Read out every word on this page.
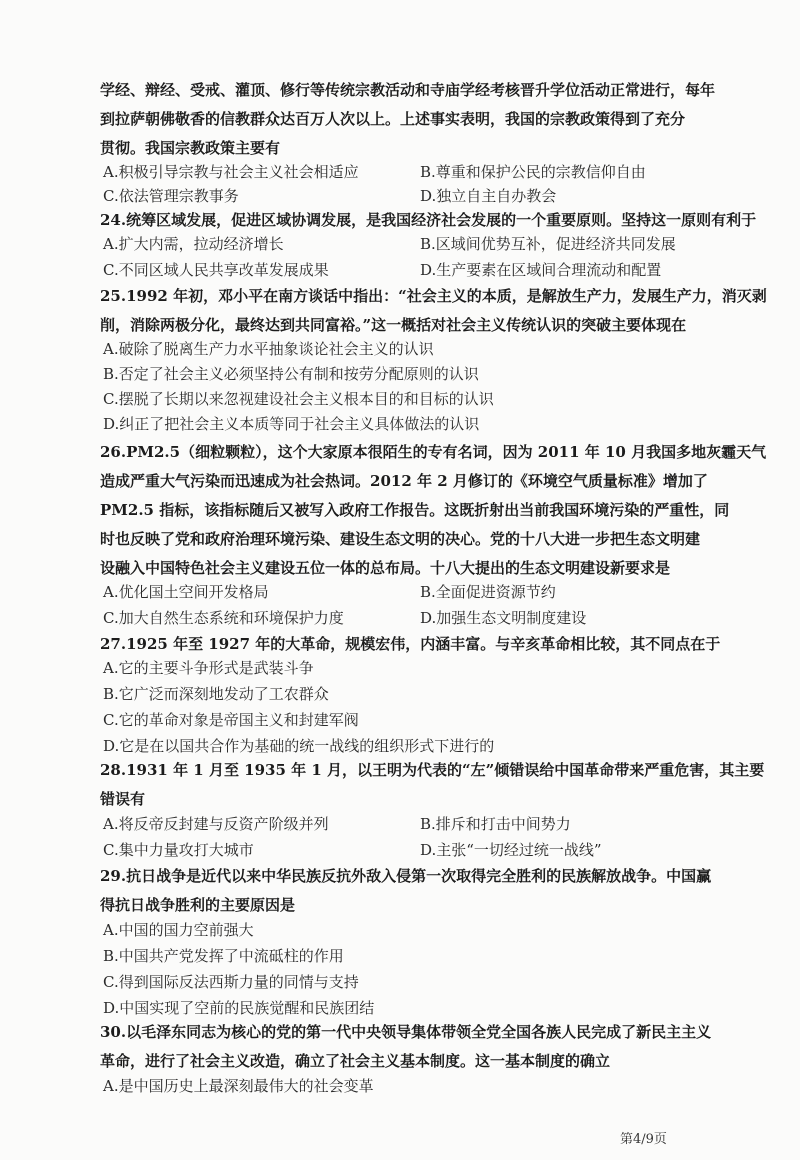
学经、辩经、受戒、灌顶、修行等传统宗教活动和寺庙学经考核晋升学位活动正常进行，每年
到拉萨朝佛敬香的信教群众达百万人次以上。上述事实表明，我国的宗教政策得到了充分
贯彻。我国宗教政策主要有
A.积极引导宗教与社会主义社会相适应	B.尊重和保护公民的宗教信仰自由
C.依法管理宗教事务	D.独立自主自办教会
24.统筹区域发展，促进区域协调发展，是我国经济社会发展的一个重要原则。坚持这一原则有利于
A.扩大内需，拉动经济增长	B.区域间优势互补，促进经济共同发展
C.不同区域人民共享改革发展成果	D.生产要素在区域间合理流动和配置
25.1992 年初，邓小平在南方谈话中指出：“社会主义的本质，是解放生产力，发展生产力，消灭剥
削，消除两极分化，最终达到共同富裕。”这一概括对社会主义传统认识的突破主要体现在
A.破除了脱离生产力水平抽象谈论社会主义的认识
B.否定了社会主义必须坚持公有制和按劳分配原则的认识
C.摆脱了长期以来忽视建设社会主义根本目的和目标的认识
D.纠正了把社会主义本质等同于社会主义具体做法的认识
26.PM2.5（细粒颗粒），这个大家原本很陌生的专有名词，因为 2011 年 10 月我国多地灰霾天气
造成严重大气污染而迅速成为社会热词。2012 年 2 月修订的《环境空气质量标准》增加了
PM2.5 指标，该指标随后又被写入政府工作报告。这既折射出当前我国环境污染的严重性，同
时也反映了党和政府治理环境污染、建设生态文明的决心。党的十八大进一步把生态文明建
设融入中国特色社会主义建设五位一体的总布局。十八大提出的生态文明建设新要求是
A.优化国土空间开发格局	B.全面促进资源节约
C.加大自然生态系统和环境保护力度	D.加强生态文明制度建设
27.1925 年至 1927 年的大革命，规模宏伟，内涵丰富。与辛亥革命相比较，其不同点在于
A.它的主要斗争形式是武装斗争
B.它广泛而深刻地发动了工农群众
C.它的革命对象是帝国主义和封建军阀
D.它是在以国共合作为基础的统一战线的组织形式下进行的
28.1931 年 1 月至 1935 年 1 月，以王明为代表的“左”倾错误给中国革命带来严重危害，其主要
错误有
A.将反帝反封建与反资产阶级并列	B.排斥和打击中间势力
C.集中力量攻打大城市	D.主张“一切经过统一战线”
29.抗日战争是近代以来中华民族反抗外敌入侵第一次取得完全胜利的民族解放战争。中国赢
得抗日战争胜利的主要原因是
A.中国的国力空前强大
B.中国共产党发挥了中流砥柱的作用
C.得到国际反法西斯力量的同情与支持
D.中国实现了空前的民族觉醒和民族团结
30.以毛泽东同志为核心的党的第一代中央领导集体带领全党全国各族人民完成了新民主主义
革命，进行了社会主义改造，确立了社会主义基本制度。这一基本制度的确立
A.是中国历史上最深刻最伟大的社会变革
第4/9页
